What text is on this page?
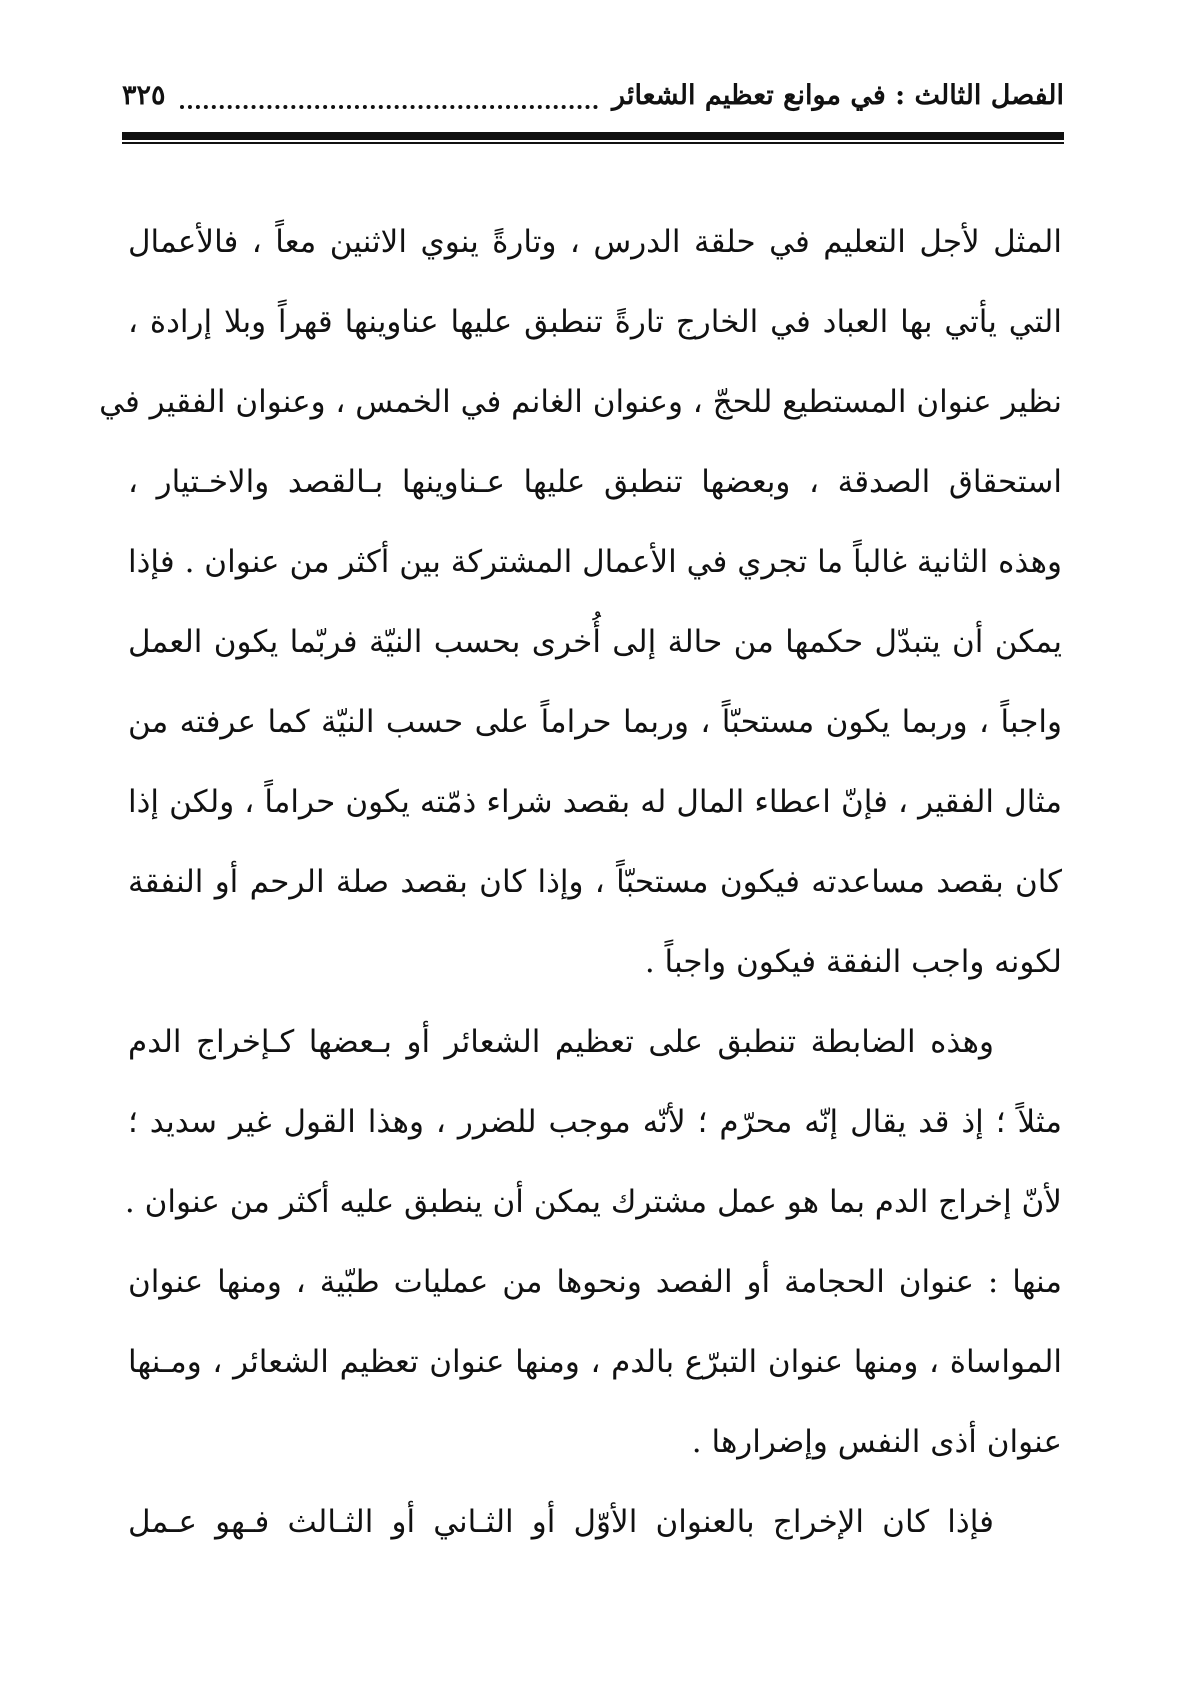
الفصل الثالث : في موانع تعظيم الشعائر
٣٢٥
المثل لأجل التعليم في حلقة الدرس ، وتارةً ينوي الاثنين معاً ، فالأعمال
التي يأتي بها العباد في الخارج تارةً تنطبق عليها عناوينها قهراً وبلا إرادة ،
نظير عنوان المستطيع للحجّ ، وعنوان الغانم في الخمس ، وعنوان الفقير في
استحقاق الصدقة ، وبعضها تنطبق عليها عـناوينها بـالقصد والاخـتيار ،
وهذه الثانية غالباً ما تجري في الأعمال المشتركة بين أكثر من عنوان . فإذا
يمكن أن يتبدّل حكمها من حالة إلى أُخرى بحسب النيّة فربّما يكون العمل
واجباً ، وربما يكون مستحبّاً ، وربما حراماً على حسب النيّة كما عرفته من
مثال الفقير ، فإنّ اعطاء المال له بقصد شراء ذمّته يكون حراماً ، ولكن إذا
كان بقصد مساعدته فيكون مستحبّاً ، وإذا كان بقصد صلة الرحم أو النفقة
لكونه واجب النفقة فيكون واجباً .
وهذه الضابطة تنطبق على تعظيم الشعائر أو بـعضها كـإخراج الدم
مثلاً ؛ إذ قد يقال إنّه محرّم ؛ لأنّه موجب للضرر ، وهذا القول غير سديد ؛
لأنّ إخراج الدم بما هو عمل مشترك يمكن أن ينطبق عليه أكثر من عنوان .
منها : عنوان الحجامة أو الفصد ونحوها من عمليات طبّية ، ومنها عنوان
المواساة ، ومنها عنوان التبرّع بالدم ، ومنها عنوان تعظيم الشعائر ، ومـنها
عنوان أذى النفس وإضرارها .
فإذا كان الإخراج بالعنوان الأوّل أو الثـاني أو الثـالث فـهو عـمل
